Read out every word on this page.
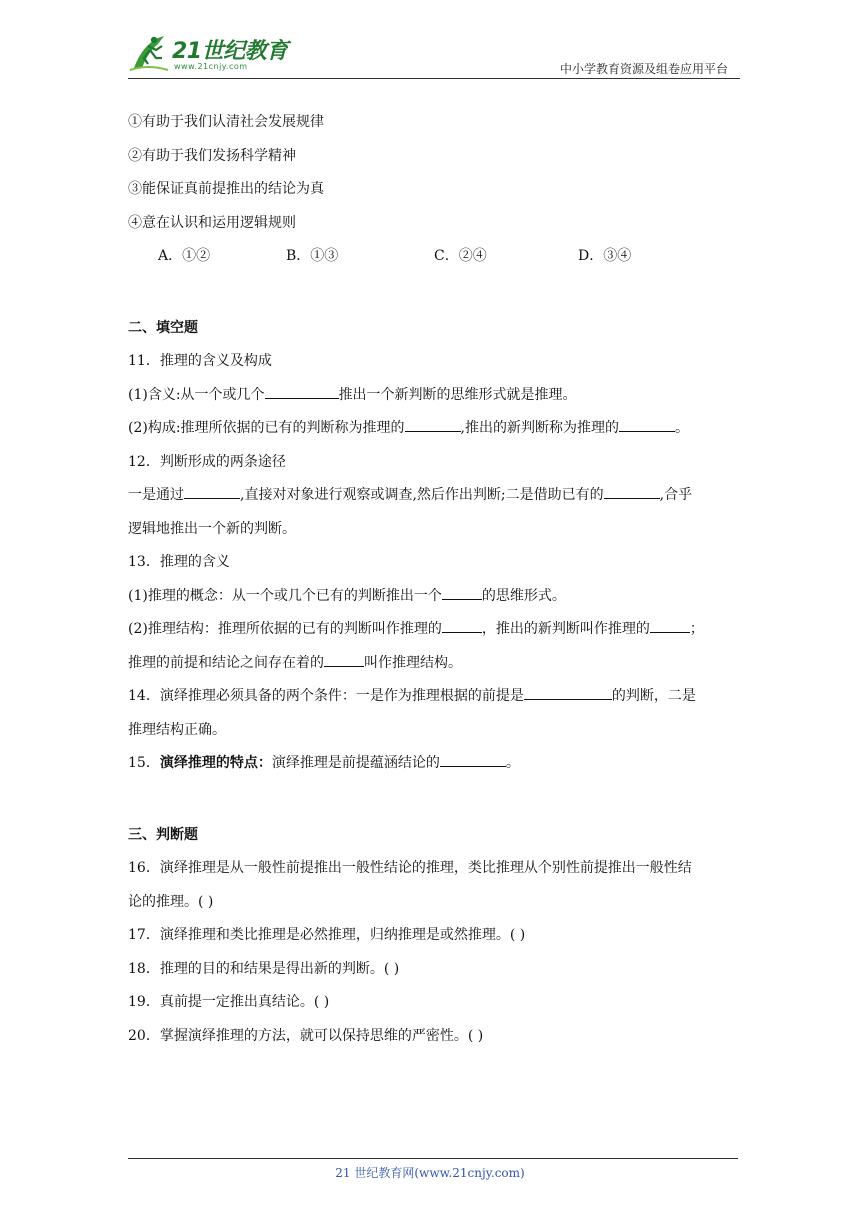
21世纪教育
www.21cnjy.com	中小学教育资源及组卷应用平台
①有助于我们认清社会发展规律
②有助于我们发扬科学精神
③能保证真前提推出的结论为真
④意在认识和运用逻辑规则
A．①②	B．①③	C．②④	D．③④
二、填空题
11．推理的含义及构成
(1)含义:从一个或几个	推出一个新判断的思维形式就是推理。
(2)构成:推理所依据的已有的判断称为推理的	,推出的新判断称为推理的	。
12．判断形成的两条途径
一是通过	,直接对对象进行观察或调查,然后作出判断;二是借助已有的	,合乎
逻辑地推出一个新的判断。
13．推理的含义
(1)推理的概念：从一个或几个已有的判断推出一个	的思维形式。
(2)推理结构：推理所依据的已有的判断叫作推理的	，推出的新判断叫作推理的	；
推理的前提和结论之间存在着的	叫作推理结构。
14．演绎推理必须具备的两个条件：一是作为推理根据的前提是	的判断，二是
推理结构正确。
15．演绎推理的特点：演绎推理是前提蕴涵结论的	。
三、判断题
16．演绎推理是从一般性前提推出一般性结论的推理，类比推理从个别性前提推出一般性结
论的推理。( )
17．演绎推理和类比推理是必然推理，归纳推理是或然推理。( )
18．推理的目的和结果是得出新的判断。( )
19．真前提一定推出真结论。( )
20．掌握演绎推理的方法，就可以保持思维的严密性。( )
21 世纪教育网(www.21cnjy.com)
